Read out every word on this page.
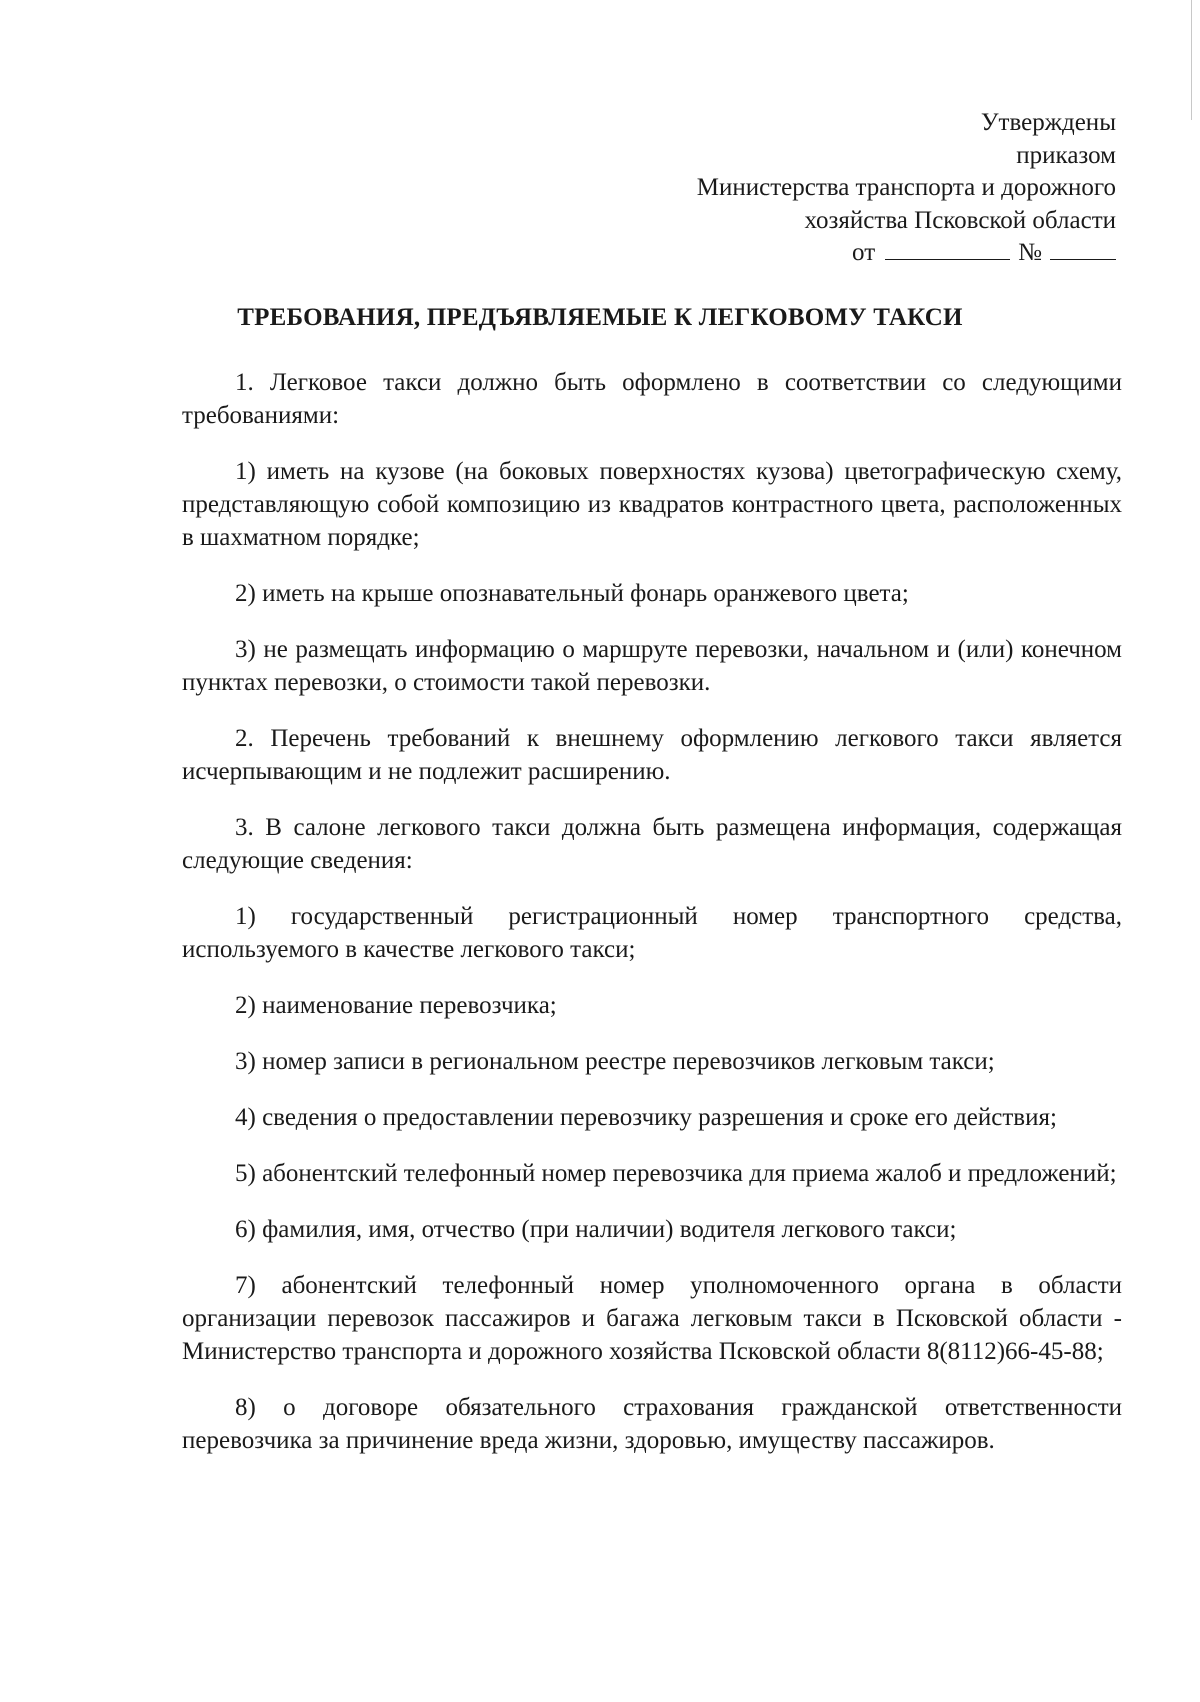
Утверждены
приказом
Министерства транспорта и дорожного
хозяйства Псковской области
от	№
ТРЕБОВАНИЯ, ПРЕДЪЯВЛЯЕМЫЕ К ЛЕГКОВОМУ ТАКСИ

1. Легковое такси должно быть оформлено в соответствии со следующими требованиями:

1) иметь на кузове (на боковых поверхностях кузова) цветографическую схему, представляющую собой композицию из квадратов контрастного цвета, расположенных в шахматном порядке;

2) иметь на крыше опознавательный фонарь оранжевого цвета;

3) не размещать информацию о маршруте перевозки, начальном и (или) конечном пунктах перевозки, о стоимости такой перевозки.

2. Перечень требований к внешнему оформлению легкового такси является исчерпывающим и не подлежит расширению.

3. В салоне легкового такси должна быть размещена информация, содержащая следующие сведения:

1) государственный регистрационный номер транспортного средства, используемого в качестве легкового такси;

2) наименование перевозчика;

3) номер записи в региональном реестре перевозчиков легковым такси;

4) сведения о предоставлении перевозчику разрешения и сроке его действия;

5) абонентский телефонный номер перевозчика для приема жалоб и предложений;

6) фамилия, имя, отчество (при наличии) водителя легкового такси;

7) абонентский телефонный номер уполномоченного органа в области организации перевозок пассажиров и багажа легковым такси в Псковской области - Министерство транспорта и дорожного хозяйства Псковской области 8(8112)66-45-88;

8) о договоре обязательного страхования гражданской ответственности перевозчика за причинение вреда жизни, здоровью, имуществу пассажиров.
